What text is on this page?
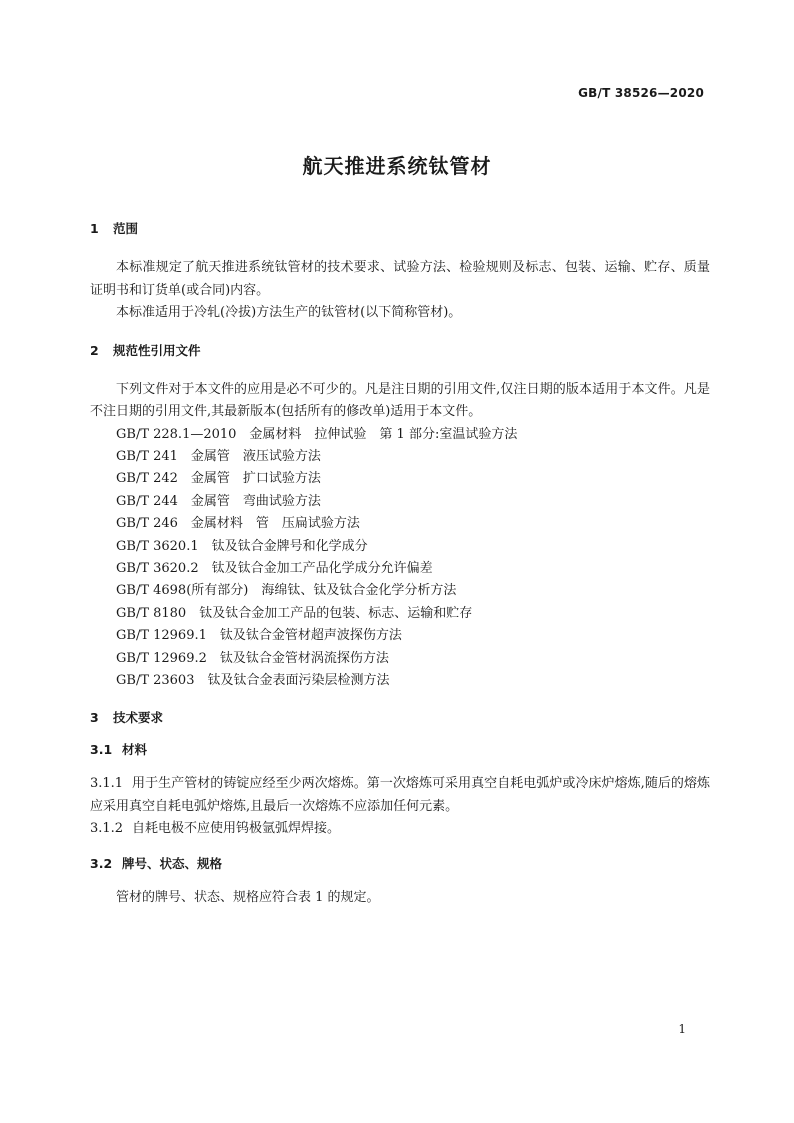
GB/T 38526—2020
航天推进系统钛管材
1 范围

本标准规定了航天推进系统钛管材的技术要求、试验方法、检验规则及标志、包装、运输、贮存、质量证明书和订货单(或合同)内容。

本标准适用于冷轧(冷拔)方法生产的钛管材(以下简称管材)。

2 规范性引用文件

下列文件对于本文件的应用是必不可少的。凡是注日期的引用文件,仅注日期的版本适用于本文件。凡是不注日期的引用文件,其最新版本(包括所有的修改单)适用于本文件。

GB/T 228.1—2010　金属材料　拉伸试验　第 1 部分:室温试验方法
GB/T 241　金属管　液压试验方法
GB/T 242　金属管　扩口试验方法
GB/T 244　金属管　弯曲试验方法
GB/T 246　金属材料　管　压扁试验方法
GB/T 3620.1　钛及钛合金牌号和化学成分
GB/T 3620.2　钛及钛合金加工产品化学成分允许偏差
GB/T 4698(所有部分)　海绵钛、钛及钛合金化学分析方法
GB/T 8180　钛及钛合金加工产品的包装、标志、运输和贮存
GB/T 12969.1　钛及钛合金管材超声波探伤方法
GB/T 12969.2　钛及钛合金管材涡流探伤方法
GB/T 23603　钛及钛合金表面污染层检测方法
3 技术要求
3.1 材料

3.1.1 用于生产管材的铸锭应经至少两次熔炼。第一次熔炼可采用真空自耗电弧炉或冷床炉熔炼,随后的熔炼应采用真空自耗电弧炉熔炼,且最后一次熔炼不应添加任何元素。

3.1.2 自耗电极不应使用钨极氩弧焊焊接。

3.2 牌号、状态、规格

管材的牌号、状态、规格应符合表 1 的规定。

1
